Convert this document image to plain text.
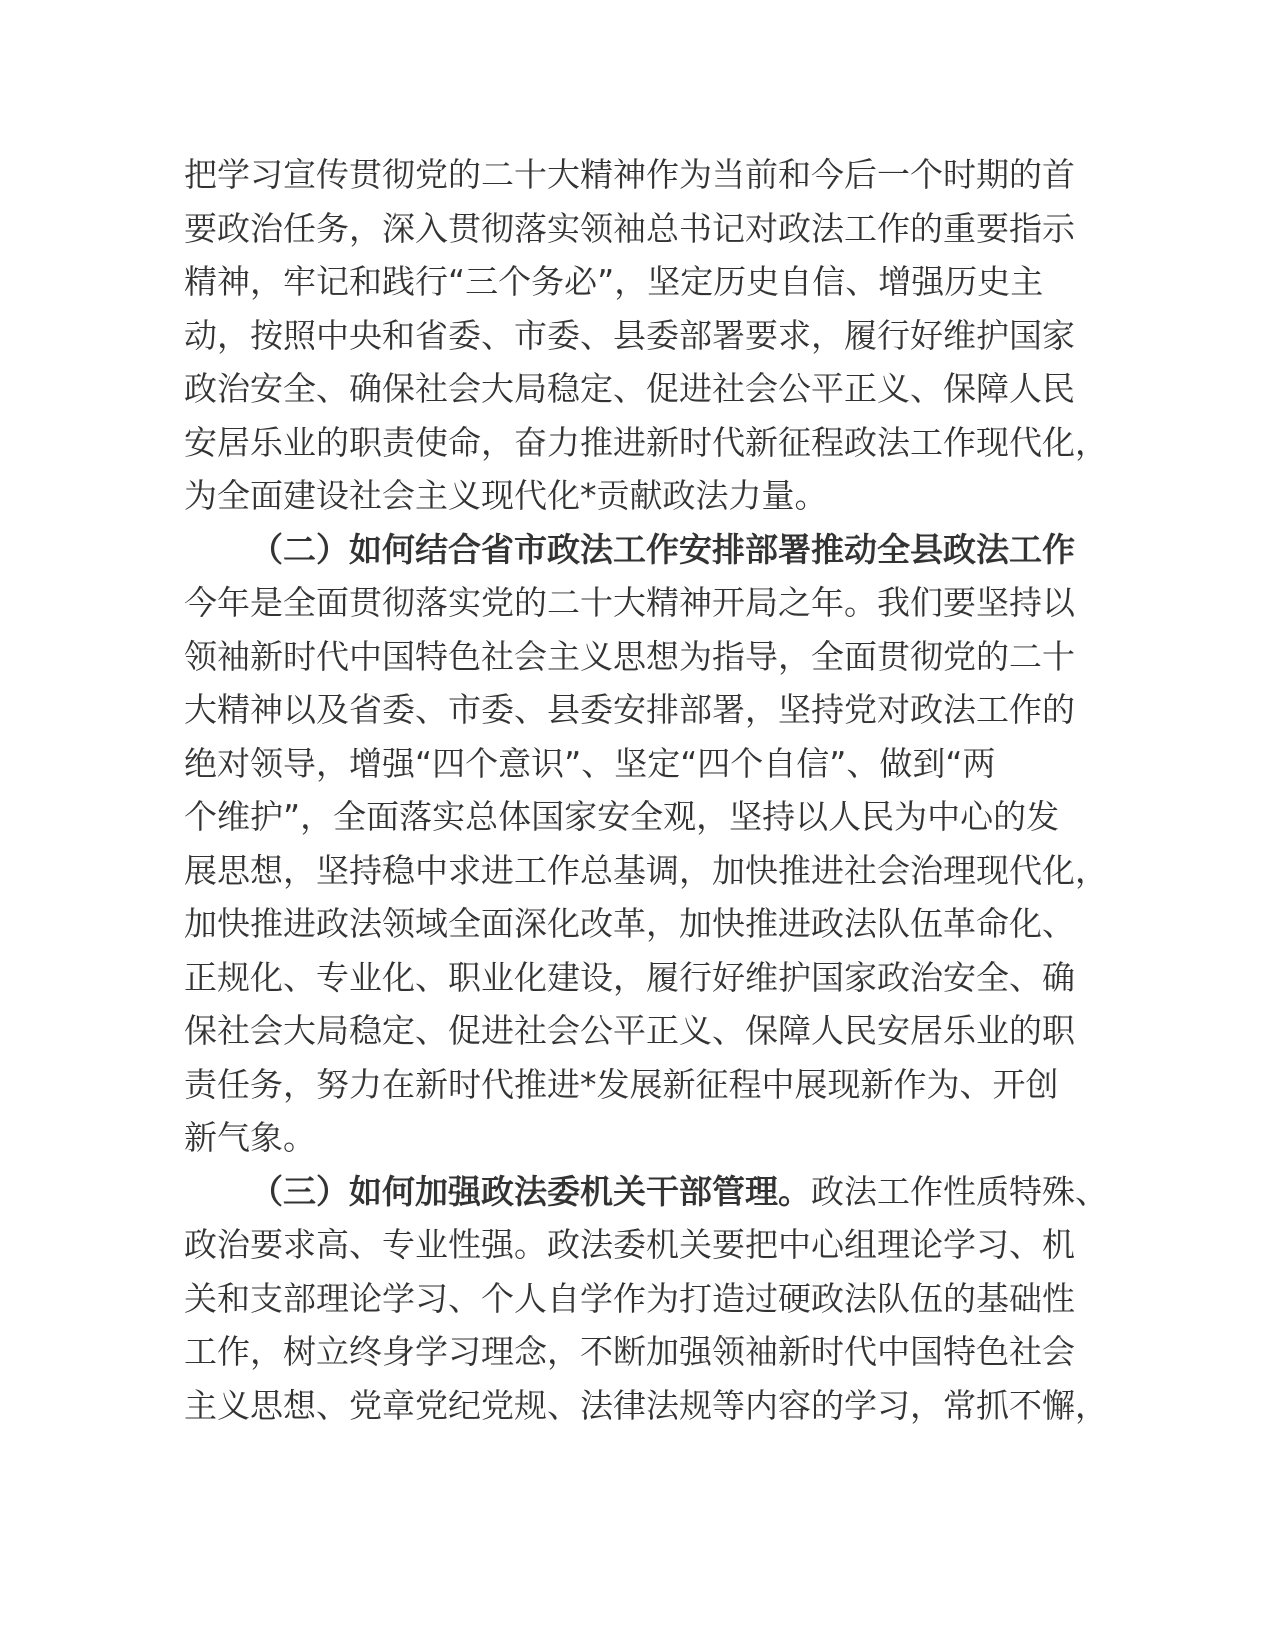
把学习宣传贯彻党的二十大精神作为当前和今后一个时期的首
要政治任务，深入贯彻落实领袖总书记对政法工作的重要指示
精神，牢记和践行“三个务必”，坚定历史自信、增强历史主
动，按照中央和省委、市委、县委部署要求，履行好维护国家
政治安全、确保社会大局稳定、促进社会公平正义、保障人民
安居乐业的职责使命，奋力推进新时代新征程政法工作现代化，
为全面建设社会主义现代化*贡献政法力量。
（二）如何结合省市政法工作安排部署推动全县政法工作
今年是全面贯彻落实党的二十大精神开局之年。我们要坚持以
领袖新时代中国特色社会主义思想为指导，全面贯彻党的二十
大精神以及省委、市委、县委安排部署，坚持党对政法工作的
绝对领导，增强“四个意识”、坚定“四个自信”、做到“两
个维护”，全面落实总体国家安全观，坚持以人民为中心的发
展思想，坚持稳中求进工作总基调，加快推进社会治理现代化，
加快推进政法领域全面深化改革，加快推进政法队伍革命化、
正规化、专业化、职业化建设，履行好维护国家政治安全、确
保社会大局稳定、促进社会公平正义、保障人民安居乐业的职
责任务，努力在新时代推进*发展新征程中展现新作为、开创
新气象。
（三）如何加强政法委机关干部管理。政法工作性质特殊、
政治要求高、专业性强。政法委机关要把中心组理论学习、机
关和支部理论学习、个人自学作为打造过硬政法队伍的基础性
工作，树立终身学习理念，不断加强领袖新时代中国特色社会
主义思想、党章党纪党规、法律法规等内容的学习，常抓不懈，
